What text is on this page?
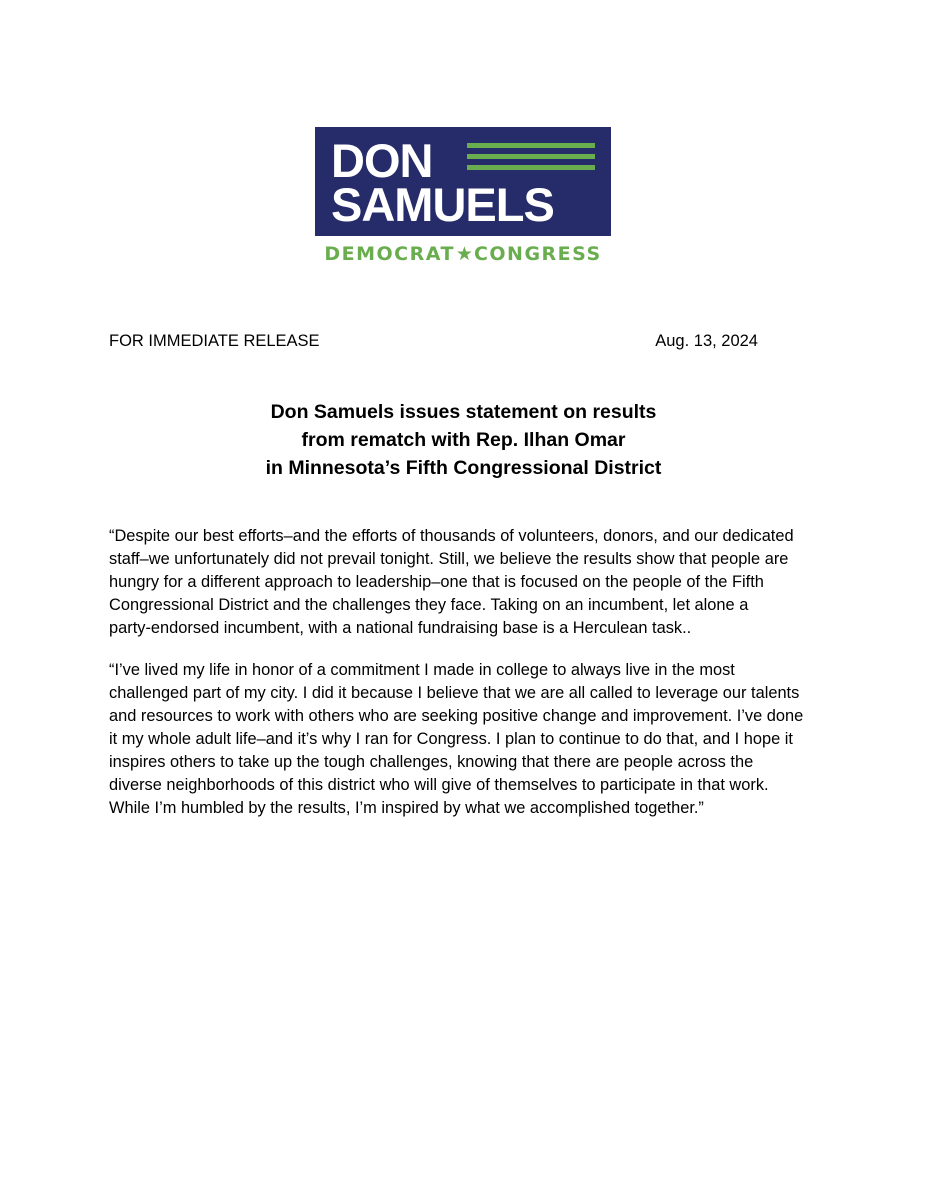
DON
SAMUELS
DEMOCRAT★CONGRESS
FOR IMMEDIATE RELEASE	Aug. 13, 2024
Don Samuels issues statement on results
from rematch with Rep. Ilhan Omar
in Minnesota’s Fifth Congressional District
“Despite our best efforts–and the efforts of thousands of volunteers, donors, and our dedicated
staff–we unfortunately did not prevail tonight. Still, we believe the results show that people are
hungry for a different approach to leadership–one that is focused on the people of the Fifth
Congressional District and the challenges they face. Taking on an incumbent, let alone a
party-endorsed incumbent, with a national fundraising base is a Herculean task..
“I’ve lived my life in honor of a commitment I made in college to always live in the most
challenged part of my city. I did it because I believe that we are all called to leverage our talents
and resources to work with others who are seeking positive change and improvement. I’ve done
it my whole adult life–and it’s why I ran for Congress. I plan to continue to do that, and I hope it
inspires others to take up the tough challenges, knowing that there are people across the
diverse neighborhoods of this district who will give of themselves to participate in that work.
While I’m humbled by the results, I’m inspired by what we accomplished together.”
